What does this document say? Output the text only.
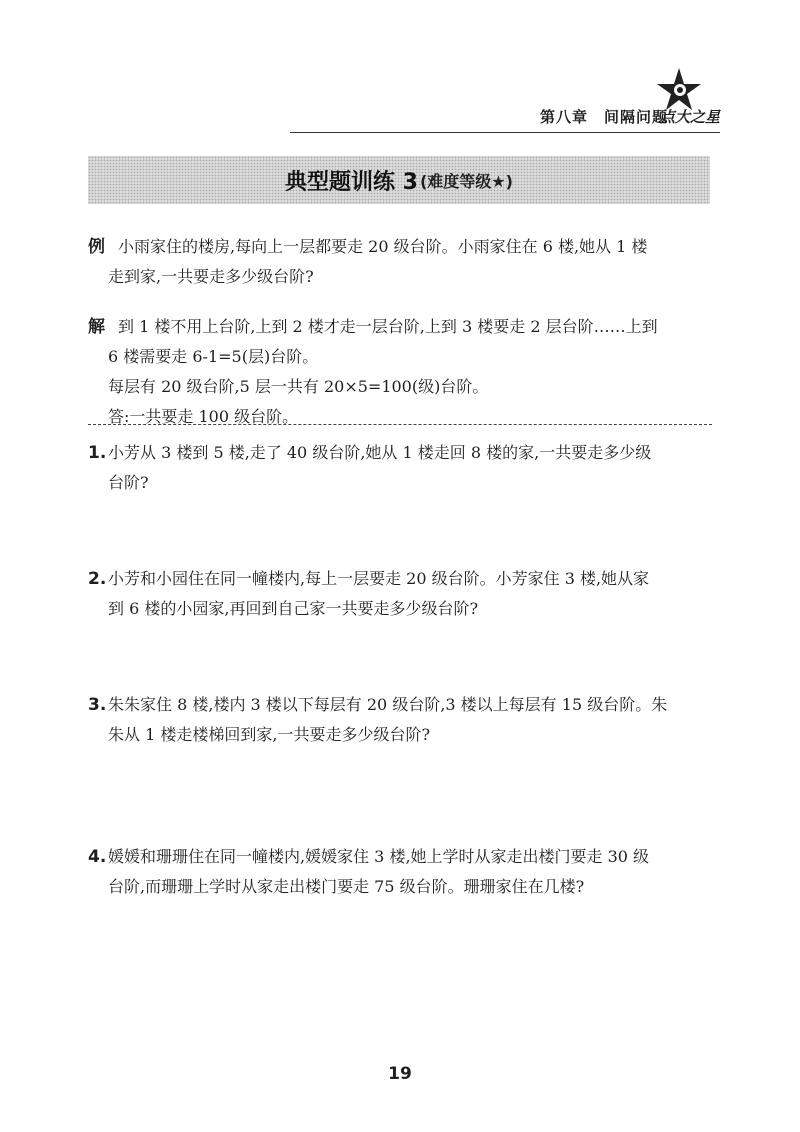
第八章　间隔问题
点大之星
典型题训练 3 (难度等级★)
例 小雨家住的楼房,每向上一层都要走 20 级台阶。小雨家住在 6 楼,她从 1 楼
走到家,一共要走多少级台阶?
解 到 1 楼不用上台阶,上到 2 楼才走一层台阶,上到 3 楼要走 2 层台阶……上到
6 楼需要走 6-1=5(层)台阶。
每层有 20 级台阶,5 层一共有 20×5=100(级)台阶。
答:一共要走 100 级台阶。
1. 小芳从 3 楼到 5 楼,走了 40 级台阶,她从 1 楼走回 8 楼的家,一共要走多少级
台阶?
2. 小芳和小园住在同一幢楼内,每上一层要走 20 级台阶。小芳家住 3 楼,她从家
到 6 楼的小园家,再回到自己家一共要走多少级台阶?
3. 朱朱家住 8 楼,楼内 3 楼以下每层有 20 级台阶,3 楼以上每层有 15 级台阶。朱
朱从 1 楼走楼梯回到家,一共要走多少级台阶?
4. 媛媛和珊珊住在同一幢楼内,媛媛家住 3 楼,她上学时从家走出楼门要走 30 级
台阶,而珊珊上学时从家走出楼门要走 75 级台阶。珊珊家住在几楼?
19
